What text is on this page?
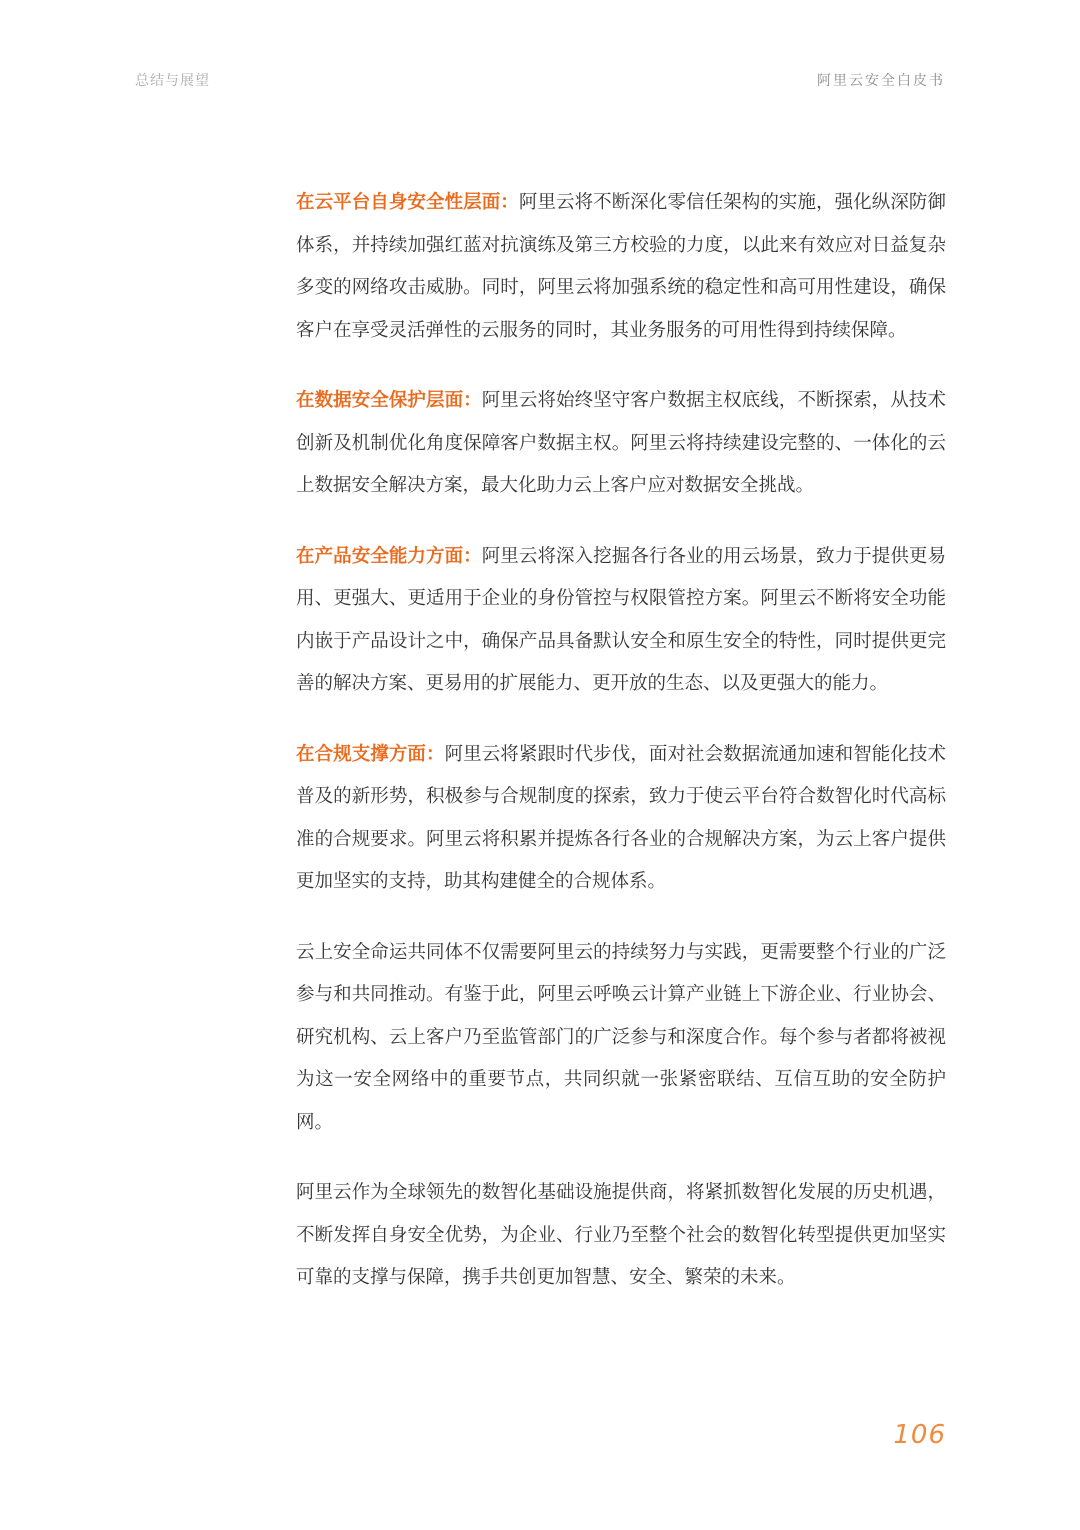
总结与展望	阿里云安全白皮书

在云平台自身安全性层面：阿里云将不断深化零信任架构的实施，强化纵深防御体系，并持续加强红蓝对抗演练及第三方校验的力度，以此来有效应对日益复杂多变的网络攻击威胁。同时，阿里云将加强系统的稳定性和高可用性建设，确保客户在享受灵活弹性的云服务的同时，其业务服务的可用性得到持续保障。

在数据安全保护层面：阿里云将始终坚守客户数据主权底线，不断探索，从技术创新及机制优化角度保障客户数据主权。阿里云将持续建设完整的、一体化的云上数据安全解决方案，最大化助力云上客户应对数据安全挑战。

在产品安全能力方面：阿里云将深入挖掘各行各业的用云场景，致力于提供更易用、更强大、更适用于企业的身份管控与权限管控方案。阿里云不断将安全功能内嵌于产品设计之中，确保产品具备默认安全和原生安全的特性，同时提供更完善的解决方案、更易用的扩展能力、更开放的生态、以及更强大的能力。

在合规支撑方面：阿里云将紧跟时代步伐，面对社会数据流通加速和智能化技术普及的新形势，积极参与合规制度的探索，致力于使云平台符合数智化时代高标准的合规要求。阿里云将积累并提炼各行各业的合规解决方案，为云上客户提供更加坚实的支持，助其构建健全的合规体系。

云上安全命运共同体不仅需要阿里云的持续努力与实践，更需要整个行业的广泛参与和共同推动。有鉴于此，阿里云呼唤云计算产业链上下游企业、行业协会、研究机构、云上客户乃至监管部门的广泛参与和深度合作。每个参与者都将被视为这一安全网络中的重要节点，共同织就一张紧密联结、互信互助的安全防护网。

阿里云作为全球领先的数智化基础设施提供商，将紧抓数智化发展的历史机遇，不断发挥自身安全优势，为企业、行业乃至整个社会的数智化转型提供更加坚实可靠的支撑与保障，携手共创更加智慧、安全、繁荣的未来。

106
